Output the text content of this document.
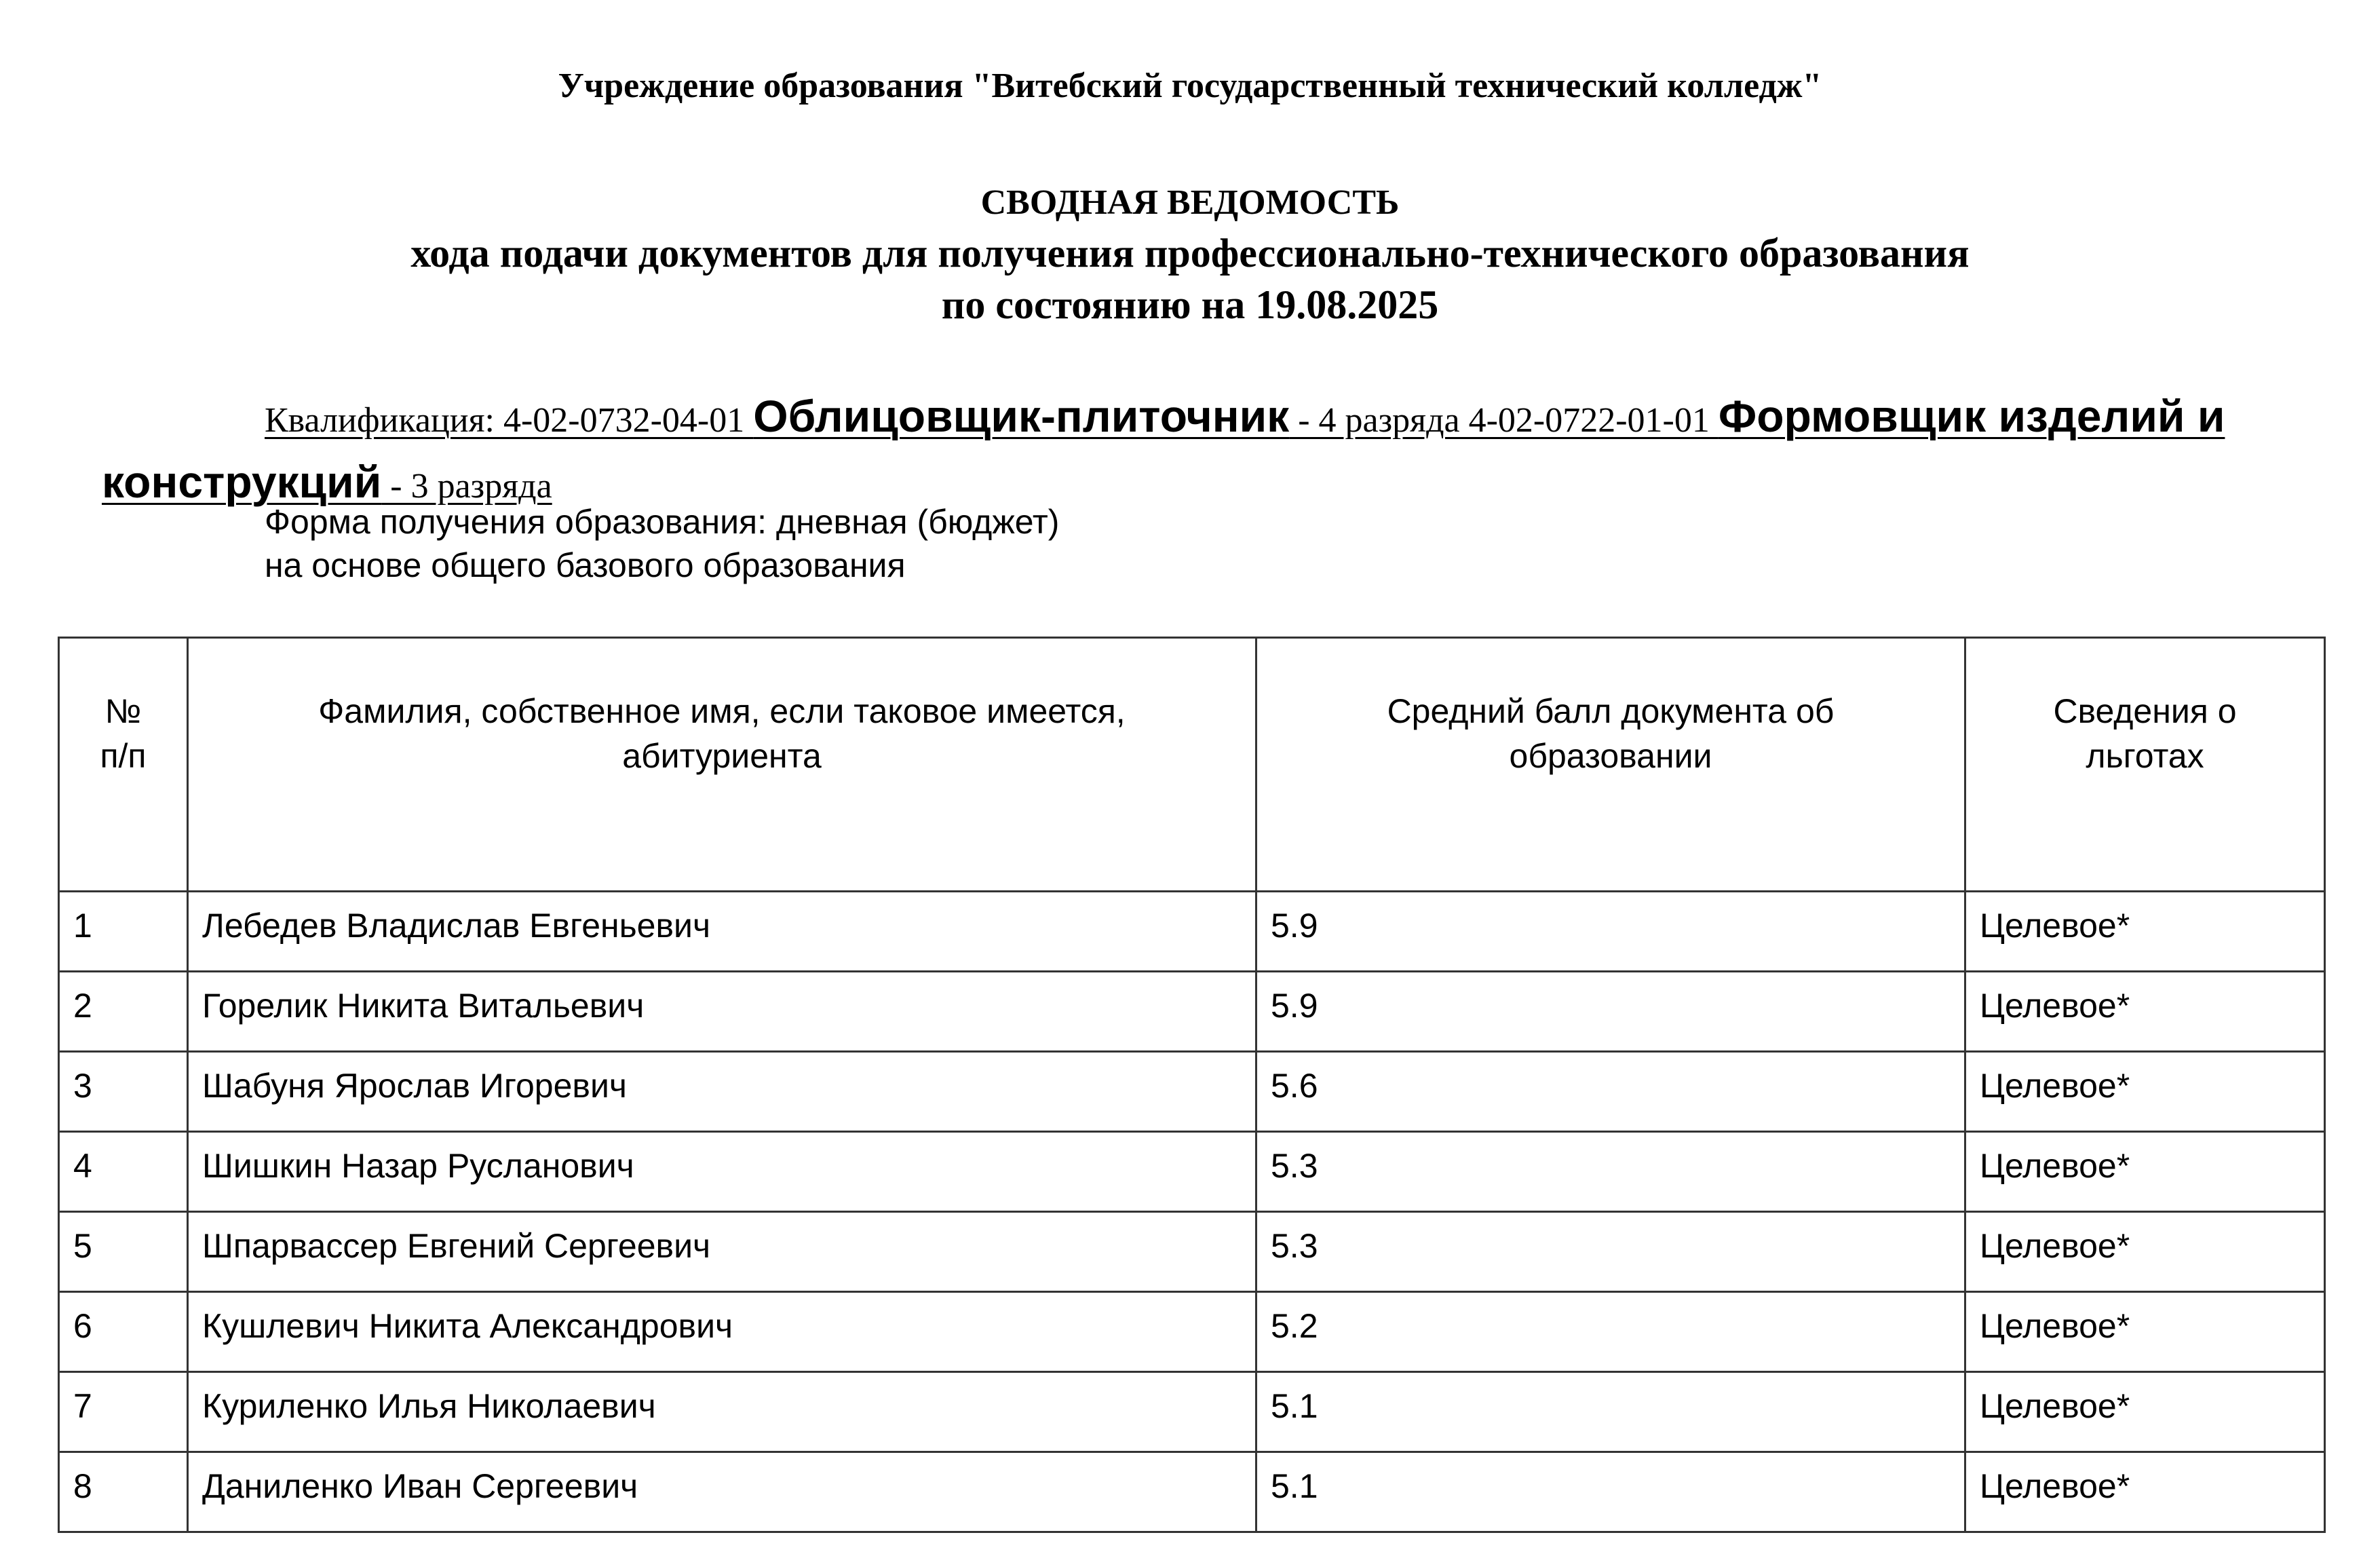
Учреждение образования "Витебский государственный технический колледж"
СВОДНАЯ ВЕДОМОСТЬ
хода подачи документов для получения профессионально-технического образования
по состоянию на 19.08.2025
Квалификация: 4-02-0732-04-01 Облицовщик-плиточник - 4 разряда 4-02-0722-01-01 Формовщик изделий и конструкций - 3 разряда
Форма получения образования: дневная (бюджет)
на основе общего базового образования
№ п/п	Фамилия, собственное имя, если таковое имеется, абитуриента	Средний балл документа об образовании	Сведения о льготах
1	Лебедев Владислав Евгеньевич	5.9	Целевое*
2	Горелик Никита Витальевич	5.9	Целевое*
3	Шабуня Ярослав Игоревич	5.6	Целевое*
4	Шишкин Назар Русланович	5.3	Целевое*
5	Шпарвассер Евгений Сергеевич	5.3	Целевое*
6	Кушлевич Никита Александрович	5.2	Целевое*
7	Куриленко Илья Николаевич	5.1	Целевое*
8	Даниленко Иван Сергеевич	5.1	Целевое*
